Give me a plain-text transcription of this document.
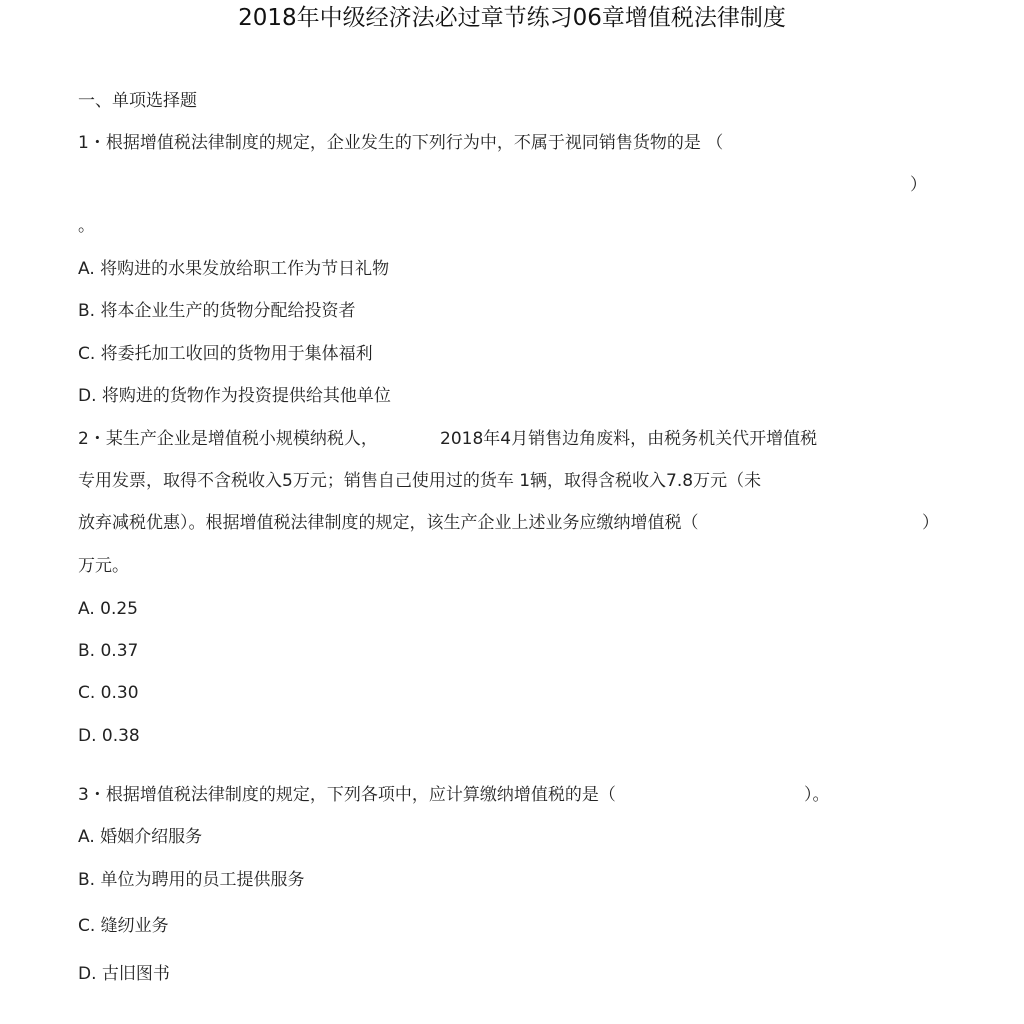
2018年中级经济法必过章节练习06章增值税法律制度
一、单项选择题
1・根据增值税法律制度的规定，企业发生的下列行为中，不属于视同销售货物的是 （
）
。
A. 将购进的水果发放给职工作为节日礼物
B. 将本企业生产的货物分配给投资者
C. 将委托加工收回的货物用于集体福利
D. 将购进的货物作为投资提供给其他单位
2・某生产企业是增值税小规模纳税人，	2018年4月销售边角废料，由税务机关代开增值税
专用发票，取得不含税收入5万元；销售自己使用过的货车 1辆，取得含税收入7.8万元（未
放弃减税优惠）。根据增值税法律制度的规定，该生产企业上述业务应缴纳增值税（	）
万元。
A. 0.25
B. 0.37
C. 0.30
D. 0.38
3・根据增值税法律制度的规定，下列各项中，应计算缴纳增值税的是（	）。
A. 婚姻介绍服务
B. 单位为聘用的员工提供服务
C. 缝纫业务
D. 古旧图书
